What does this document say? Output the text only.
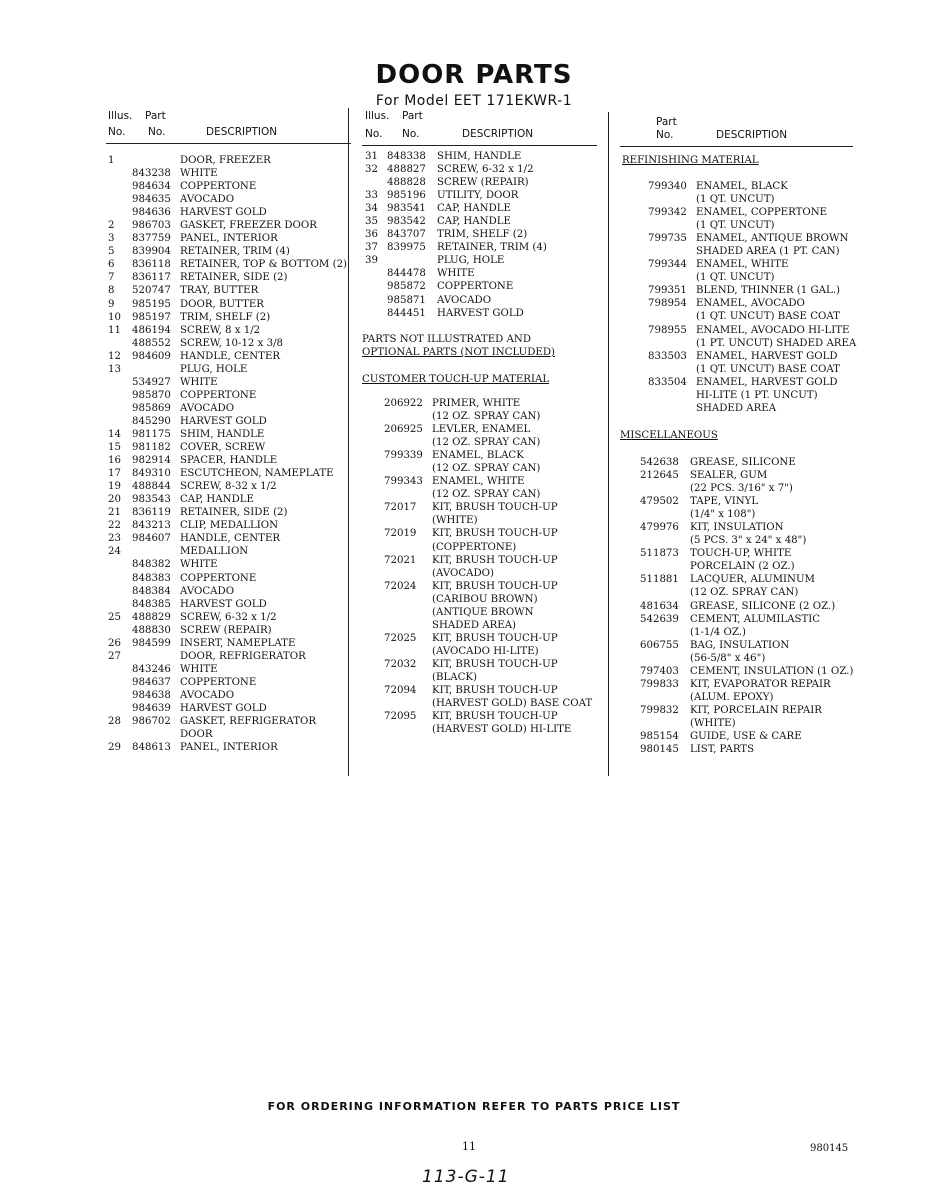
DOOR PARTS
For Model EET 171EKWR-1
Illus. Part
No. No.	DESCRIPTION
Illus. Part
No. No.	DESCRIPTION
Part
No.	DESCRIPTION
1	DOOR, FREEZER
843238 WHITE
984634 COPPERTONE
984635 AVOCADO
984636 HARVEST GOLD
2 986703 GASKET, FREEZER DOOR
3 837759 PANEL, INTERIOR
5 839904 RETAINER, TRIM (4)
6 836118 RETAINER, TOP & BOTTOM (2)
7 836117 RETAINER, SIDE (2)
8 520747 TRAY, BUTTER
9 985195 DOOR, BUTTER
10 985197 TRIM, SHELF (2)
11 486194 SCREW, 8 x 1/2
488552 SCREW, 10-12 x 3/8
12 984609 HANDLE, CENTER
13	PLUG, HOLE
534927 WHITE
985870 COPPERTONE
985869 AVOCADO
845290 HARVEST GOLD
14 981175 SHIM, HANDLE
15 981182 COVER, SCREW
16 982914 SPACER, HANDLE
17 849310 ESCUTCHEON, NAMEPLATE
19 488844 SCREW, 8-32 x 1/2
20 983543 CAP, HANDLE
21 836119 RETAINER, SIDE (2)
22 843213 CLIP, MEDALLION
23 984607 HANDLE, CENTER
24	MEDALLION
848382 WHITE
848383 COPPERTONE
848384 AVOCADO
848385 HARVEST GOLD
25 488829 SCREW, 6-32 x 1/2
488830 SCREW (REPAIR)
26 984599 INSERT, NAMEPLATE
27	DOOR, REFRIGERATOR
843246 WHITE
984637 COPPERTONE
984638 AVOCADO
984639 HARVEST GOLD
28 986702 GASKET, REFRIGERATOR
DOOR
29 848613 PANEL, INTERIOR
31 848338 SHIM, HANDLE
32 488827 SCREW, 6-32 x 1/2
488828 SCREW (REPAIR)
33 985196 UTILITY, DOOR
34 983541 CAP, HANDLE
35 983542 CAP, HANDLE
36 843707 TRIM, SHELF (2)
37 839975 RETAINER, TRIM (4)
39	PLUG, HOLE
844478 WHITE
985872 COPPERTONE
985871 AVOCADO
844451 HARVEST GOLD
PARTS NOT ILLUSTRATED AND
OPTIONAL PARTS (NOT INCLUDED)
CUSTOMER TOUCH-UP MATERIAL
206922 PRIMER, WHITE
(12 OZ. SPRAY CAN)
206925 LEVLER, ENAMEL
(12 OZ. SPRAY CAN)
799339 ENAMEL, BLACK
(12 OZ. SPRAY CAN)
799343 ENAMEL, WHITE
(12 OZ. SPRAY CAN)
72017 KIT, BRUSH TOUCH-UP
(WHITE)
72019 KIT, BRUSH TOUCH-UP
(COPPERTONE)
72021 KIT, BRUSH TOUCH-UP
(AVOCADO)
72024 KIT, BRUSH TOUCH-UP
(CARIBOU BROWN)
(ANTIQUE BROWN
SHADED AREA)
72025 KIT, BRUSH TOUCH-UP
(AVOCADO HI-LITE)
72032 KIT, BRUSH TOUCH-UP
(BLACK)
72094 KIT, BRUSH TOUCH-UP
(HARVEST GOLD) BASE COAT
72095 KIT, BRUSH TOUCH-UP
(HARVEST GOLD) HI-LITE
REFINISHING MATERIAL
799340 ENAMEL, BLACK
(1 QT. UNCUT)
799342 ENAMEL, COPPERTONE
(1 QT. UNCUT)
799735 ENAMEL, ANTIQUE BROWN
SHADED AREA (1 PT. CAN)
799344 ENAMEL, WHITE
(1 QT. UNCUT)
799351 BLEND, THINNER (1 GAL.)
798954 ENAMEL, AVOCADO
(1 QT. UNCUT) BASE COAT
798955 ENAMEL, AVOCADO HI-LITE
(1 PT. UNCUT) SHADED AREA
833503 ENAMEL, HARVEST GOLD
(1 QT. UNCUT) BASE COAT
833504 ENAMEL, HARVEST GOLD
HI-LITE (1 PT. UNCUT)
SHADED AREA
MISCELLANEOUS
542638 GREASE, SILICONE
212645 SEALER, GUM
(22 PCS. 3/16" x 7")
479502 TAPE, VINYL
(1/4" x 108")
479976 KIT, INSULATION
(5 PCS. 3" x 24" x 48")
511873 TOUCH-UP, WHITE
PORCELAIN (2 OZ.)
511881 LACQUER, ALUMINUM
(12 OZ. SPRAY CAN)
481634 GREASE, SILICONE (2 OZ.)
542639 CEMENT, ALUMILASTIC
(1-1/4 OZ.)
606755 BAG, INSULATION
(56-5/8" x 46")
797403 CEMENT, INSULATION (1 OZ.)
799833 KIT, EVAPORATOR REPAIR
(ALUM. EPOXY)
799832 KIT, PORCELAIN REPAIR
(WHITE)
985154 GUIDE, USE & CARE
980145 LIST, PARTS
FOR ORDERING INFORMATION REFER TO PARTS PRICE LIST
11	980145
113-G-11
